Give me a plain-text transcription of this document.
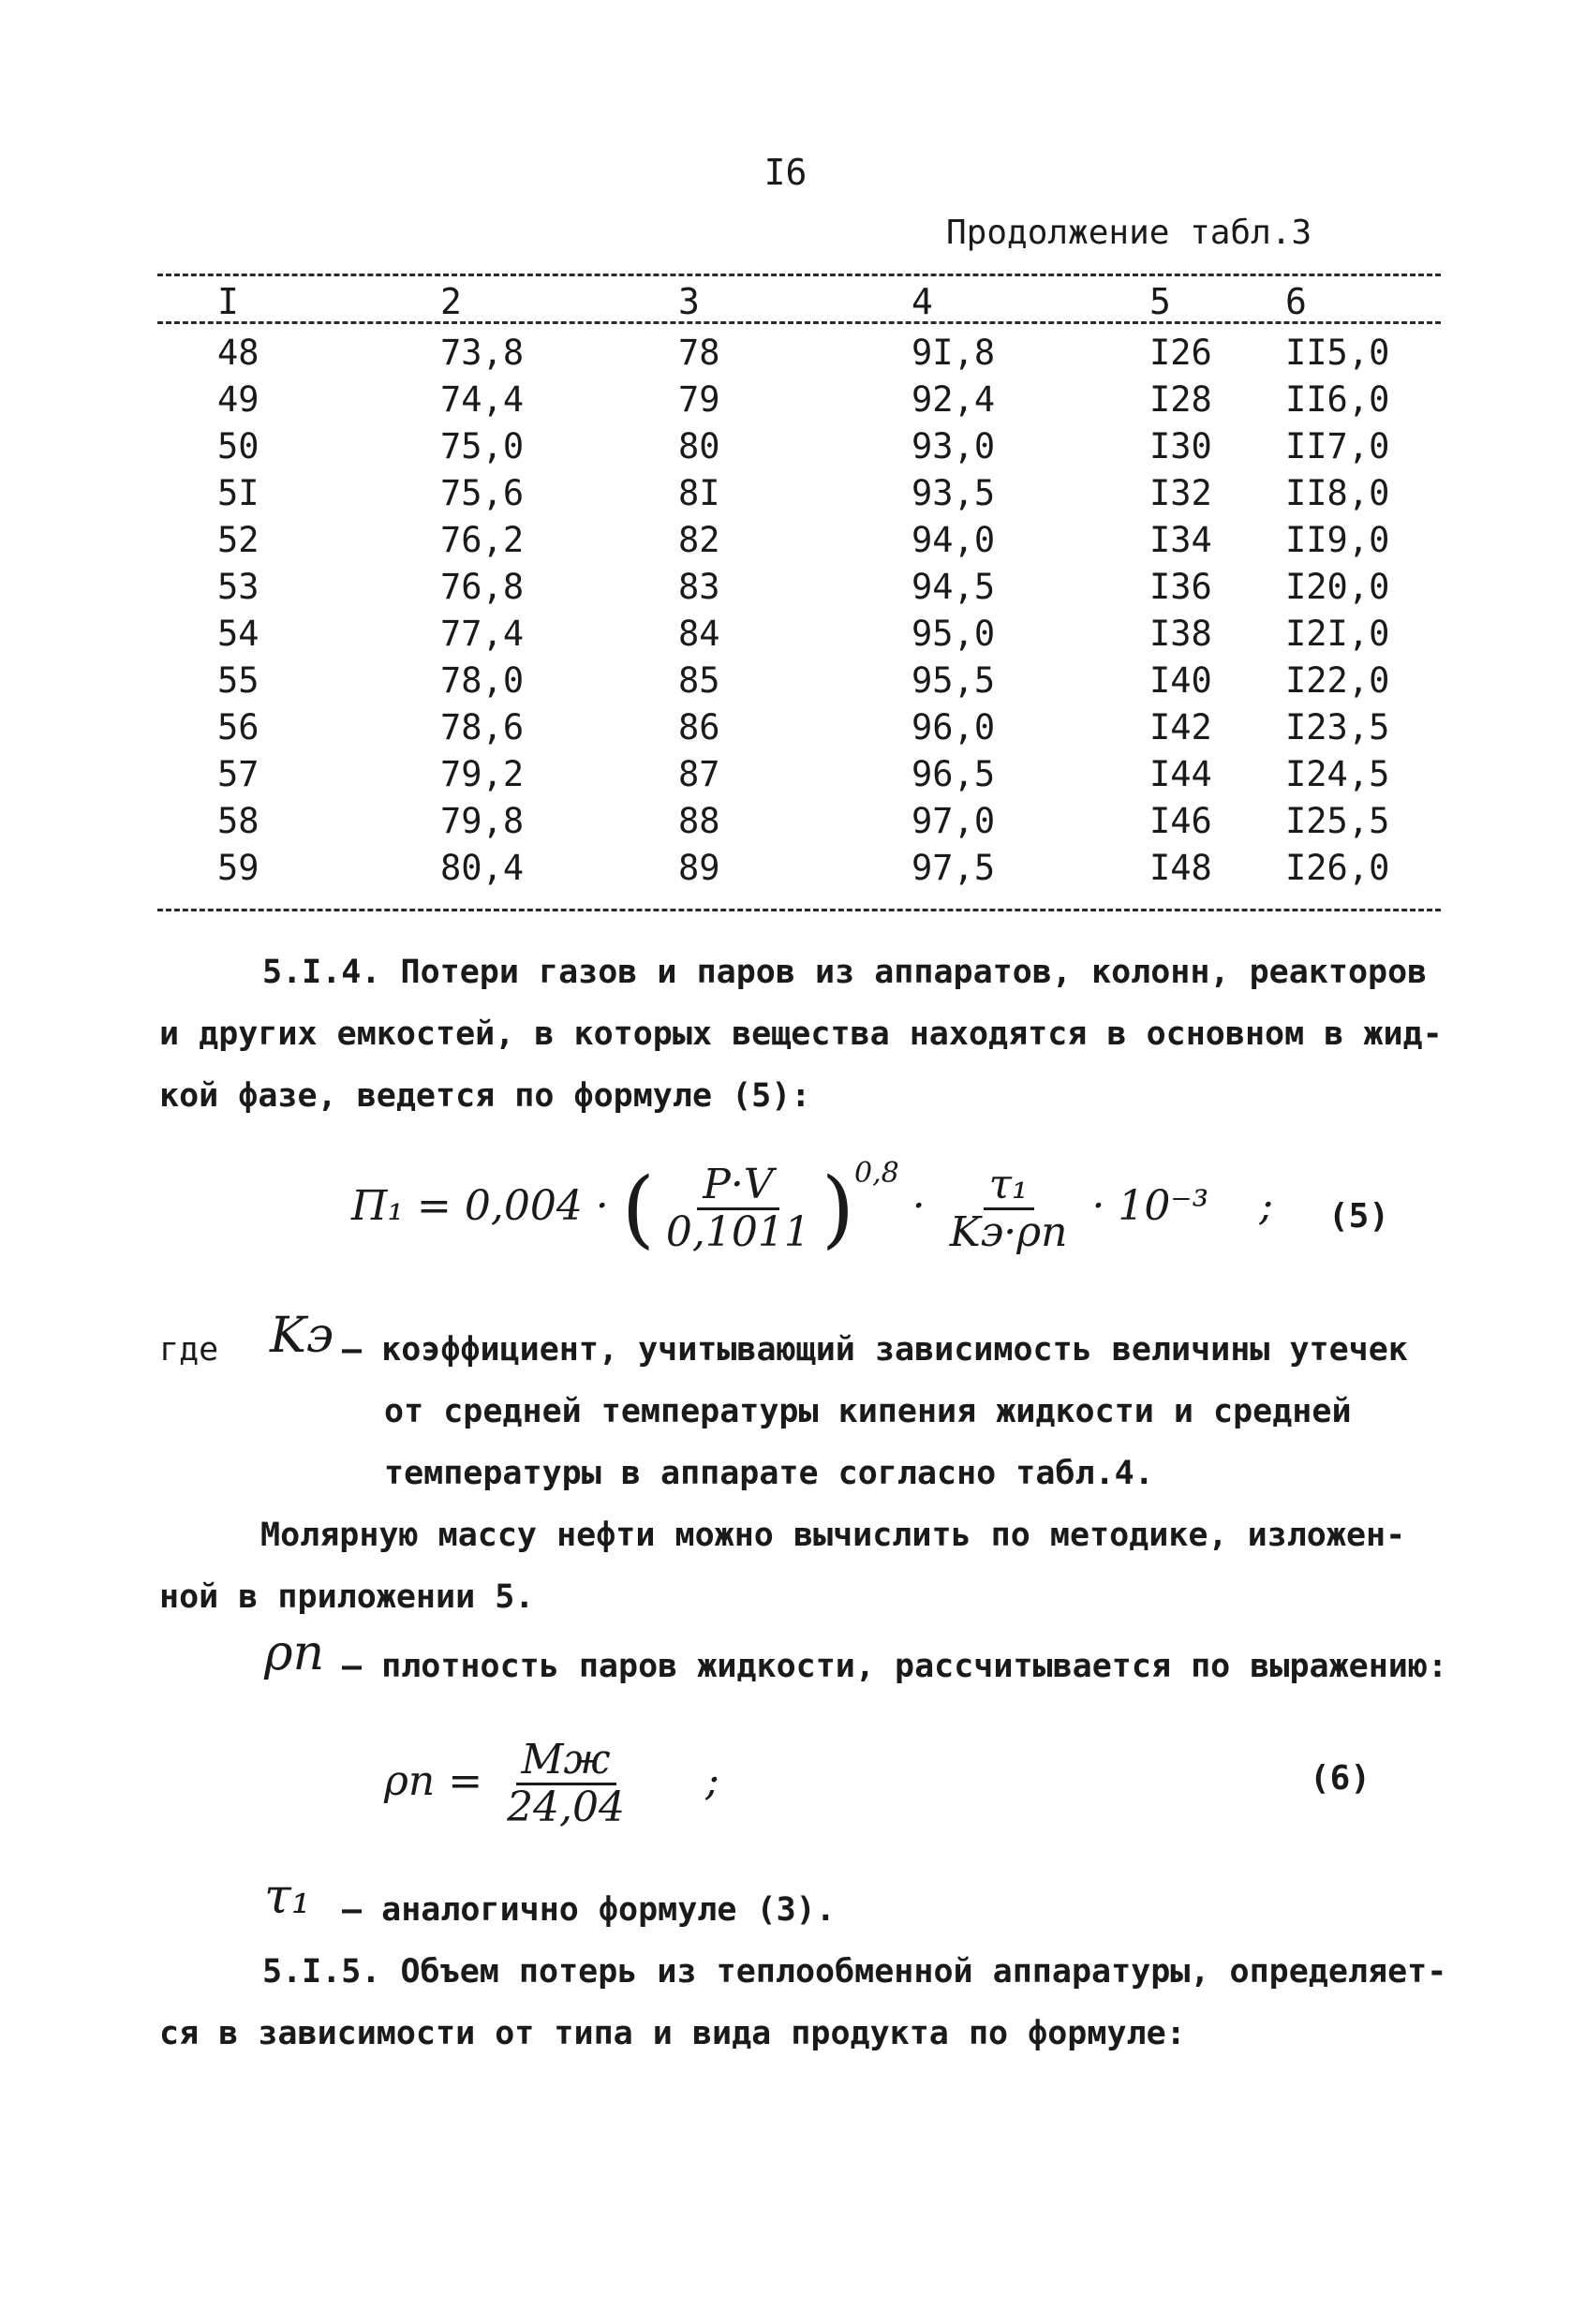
I6
Продолжение табл.3
I	2	3	4	5	6
48	73,8	78	9I,8	I26 II5,0
49	74,4	79	92,4	I28 II6,0
50	75,0	80	93,0	I30 II7,0
5I	75,6	8I	93,5	I32 II8,0
52	76,2	82	94,0	I34 II9,0
53	76,8	83	94,5	I36 I20,0
54	77,4	84	95,0	I38 I2I,0
55	78,0	85	95,5	I40 I22,0
56	78,6	86	96,0	I42 I23,5
57	79,2	87	96,5	I44 I24,5
58	79,8	88	97,0	I46 I25,5
59	80,4	89	97,5	I48 I26,0
5.I.4. Потери газов и паров из аппаратов, колонн, реакторов
и других емкостей, в которых вещества находятся в основном в жид-
кой фазе, ведется по формуле (5):
П₁ = 0,004 · ( $\frac{P\cdot V}{0,1011} )^{0,8} \cdot \frac{\text{τ₁}}{Kэ\cdot\rho п} \cdot 10^{-3}$ ; (5)
где Kэ – коэффициент, учитывающий зависимость величины утечек
от средней температуры кипения жидкости и средней
температуры в аппарате согласно табл.4.
Молярную массу нефти можно вычислить по методике, изложен-
ной в приложении 5.
ρп – плотность паров жидкости, рассчитывается по выражению:
$\rho п = \frac{Mж}{24,04}$ ;	(6)
τ₁ – аналогично формуле (3).
5.I.5. Объем потерь из теплообменной аппаратуры, определяет-
ся в зависимости от типа и вида продукта по формуле:
